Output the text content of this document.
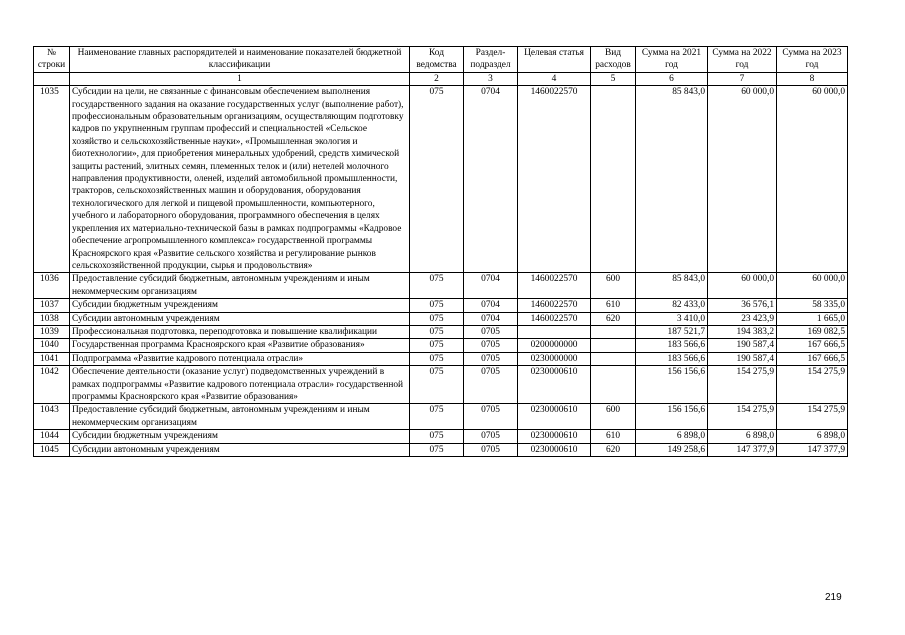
№ строки	Наименование главных распорядителей и наименование показателей бюджетной классификации	Код ведомства	Раздел-подраздел	Целевая статья	Вид расходов	Сумма на 2021 год	Сумма на 2022 год	Сумма на 2023 год
	1	2	3	4	5	6	7	8
1035	Субсидии на цели, не связанные с финансовым обеспечением выполнения государственного задания на оказание государственных услуг (выполнение работ), профессиональным образовательным организациям, осуществляющим подготовку кадров по укрупненным группам профессий и специальностей «Сельское хозяйство и сельскохозяйственные науки», «Промышленная экология и биотехнологии», для приобретения минеральных удобрений, средств химической защиты растений, элитных семян, племенных телок и (или) нетелей молочного направления продуктивности, оленей, изделий автомобильной промышленности, тракторов, сельскохозяйственных машин и оборудования, оборудования технологического для легкой и пищевой промышленности, компьютерного, учебного и лабораторного оборудования, программного обеспечения в целях укрепления их материально-технической базы в рамках подпрограммы «Кадровое обеспечение агропромышленного комплекса» государственной программы Красноярского края «Развитие сельского хозяйства и регулирование рынков сельскохозяйственной продукции, сырья и продовольствия»	075	0704	1460022570		85 843,0	60 000,0	60 000,0
1036	Предоставление субсидий бюджетным, автономным учреждениям и иным некоммерческим организациям	075	0704	1460022570	600	85 843,0	60 000,0	60 000,0
1037	Субсидии бюджетным учреждениям	075	0704	1460022570	610	82 433,0	36 576,1	58 335,0
1038	Субсидии автономным учреждениям	075	0704	1460022570	620	3 410,0	23 423,9	1 665,0
1039	Профессиональная подготовка, переподготовка и повышение квалификации	075	0705			187 521,7	194 383,2	169 082,5
1040	Государственная программа Красноярского края «Развитие образования»	075	0705	0200000000		183 566,6	190 587,4	167 666,5
1041	Подпрограмма «Развитие кадрового потенциала отрасли»	075	0705	0230000000		183 566,6	190 587,4	167 666,5
1042	Обеспечение деятельности (оказание услуг) подведомственных учреждений в рамках подпрограммы «Развитие кадрового потенциала отрасли» государственной программы Красноярского края «Развитие образования»	075	0705	0230000610		156 156,6	154 275,9	154 275,9
1043	Предоставление субсидий бюджетным, автономным учреждениям и иным некоммерческим организациям	075	0705	0230000610	600	156 156,6	154 275,9	154 275,9
1044	Субсидии бюджетным учреждениям	075	0705	0230000610	610	6 898,0	6 898,0	6 898,0
1045	Субсидии автономным учреждениям	075	0705	0230000610	620	149 258,6	147 377,9	147 377,9
219
